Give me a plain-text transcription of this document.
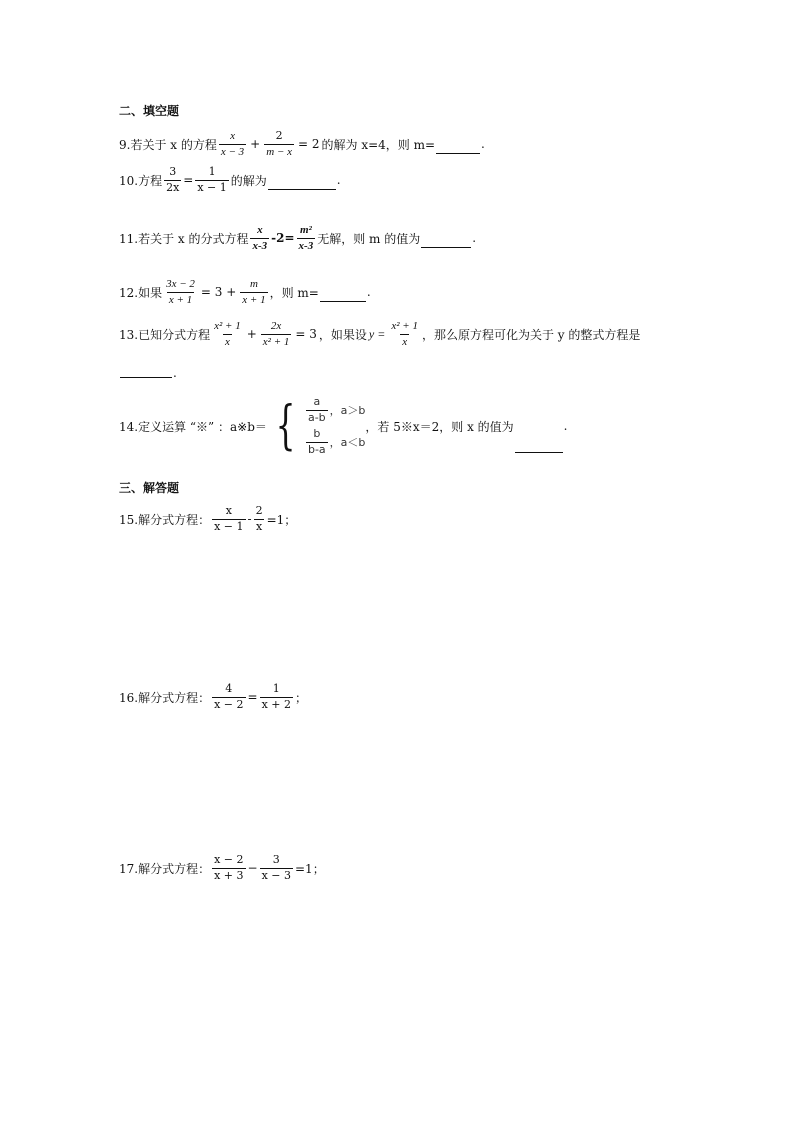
二、填空题
9.若关于 x 的方程 $\frac{x}{x - 3} + \frac{2}{m - x} = 2$ 的解为 x=4，则 m=	.
10.方程 $\frac{3}{2x} = \frac{1}{x - 1}$ 的解为	.
11.若关于 x 的分式方程 $\frac{x}{x-3} -2= \frac{\text{m²}}{x-3}$ 无解，则 m 的值为	.
12.如果 $\frac{3x - 2}{x + 1} = 3 + \frac{m}{x + 1}$ ，则 m=	.
13.已知分式方程 $\frac{\text{x² + 1}}{x} + \frac{2x}{\text{x² + 1}} = 3$ ，如果设 $y = \frac{\text{x² + 1}}{x}$ ，那么原方程可化为关于 y 的整式方程是
.
14.定义运算 “※” ：a※b＝ { $\frac{a}{a-b}$ ，a＞b
$\frac{b}{b-a}$ ，a＜b
，若 5※x＝2，则 x 的值为	.
三、解答题
15.解分式方程： $\frac{x}{x - 1} - \frac{2}{x} =1$；
16.解分式方程： $\frac{4}{x - 2} = \frac{1}{x + 2}$ ；
17.解分式方程： $\frac{x - 2}{x + 3} - \frac{3}{x - 3} =1$；
